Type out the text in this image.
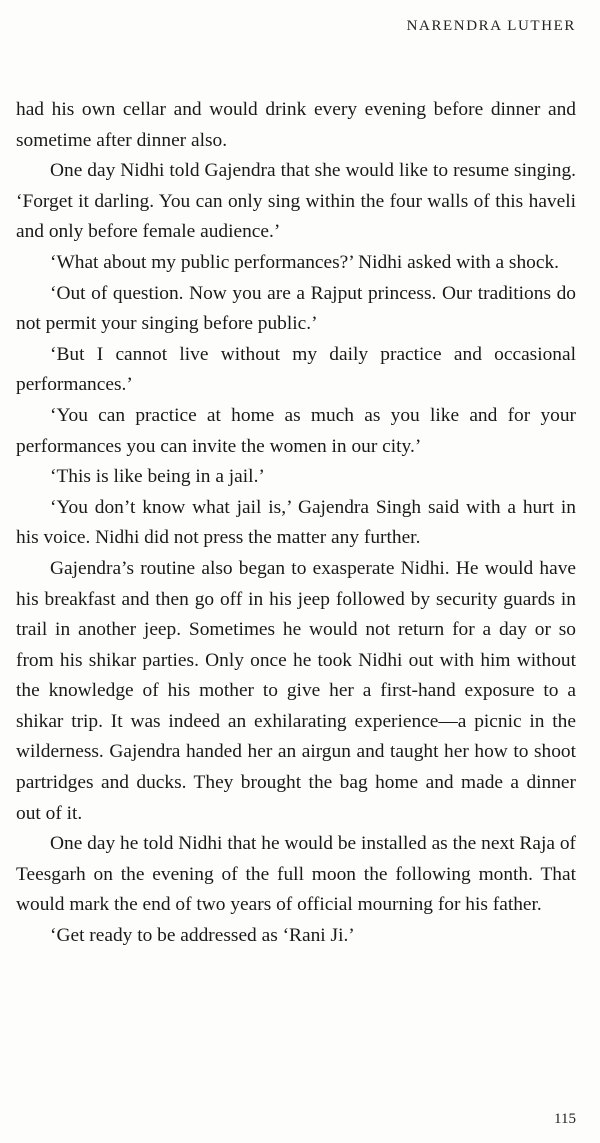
NARENDRA LUTHER

had his own cellar and would drink every evening before dinner and sometime after dinner also.

One day Nidhi told Gajendra that she would like to resume singing. ‘Forget it darling. You can only sing within the four walls of this haveli and only before female audience.’

‘What about my public performances?’ Nidhi asked with a shock.

‘Out of question. Now you are a Rajput princess. Our traditions do not permit your singing before public.’

‘But I cannot live without my daily practice and occasional performances.’

‘You can practice at home as much as you like and for your performances you can invite the women in our city.’

‘This is like being in a jail.’

‘You don’t know what jail is,’ Gajendra Singh said with a hurt in his voice. Nidhi did not press the matter any further.

Gajendra’s routine also began to exasperate Nidhi. He would have his breakfast and then go off in his jeep followed by security guards in trail in another jeep. Sometimes he would not return for a day or so from his shikar parties. Only once he took Nidhi out with him without the knowledge of his mother to give her a first-hand exposure to a shikar trip. It was indeed an exhilarating experience—a picnic in the wilderness. Gajendra handed her an airgun and taught her how to shoot partridges and ducks. They brought the bag home and made a dinner out of it.

One day he told Nidhi that he would be installed as the next Raja of Teesgarh on the evening of the full moon the following month. That would mark the end of two years of official mourning for his father.

‘Get ready to be addressed as ‘Rani Ji.’

115
